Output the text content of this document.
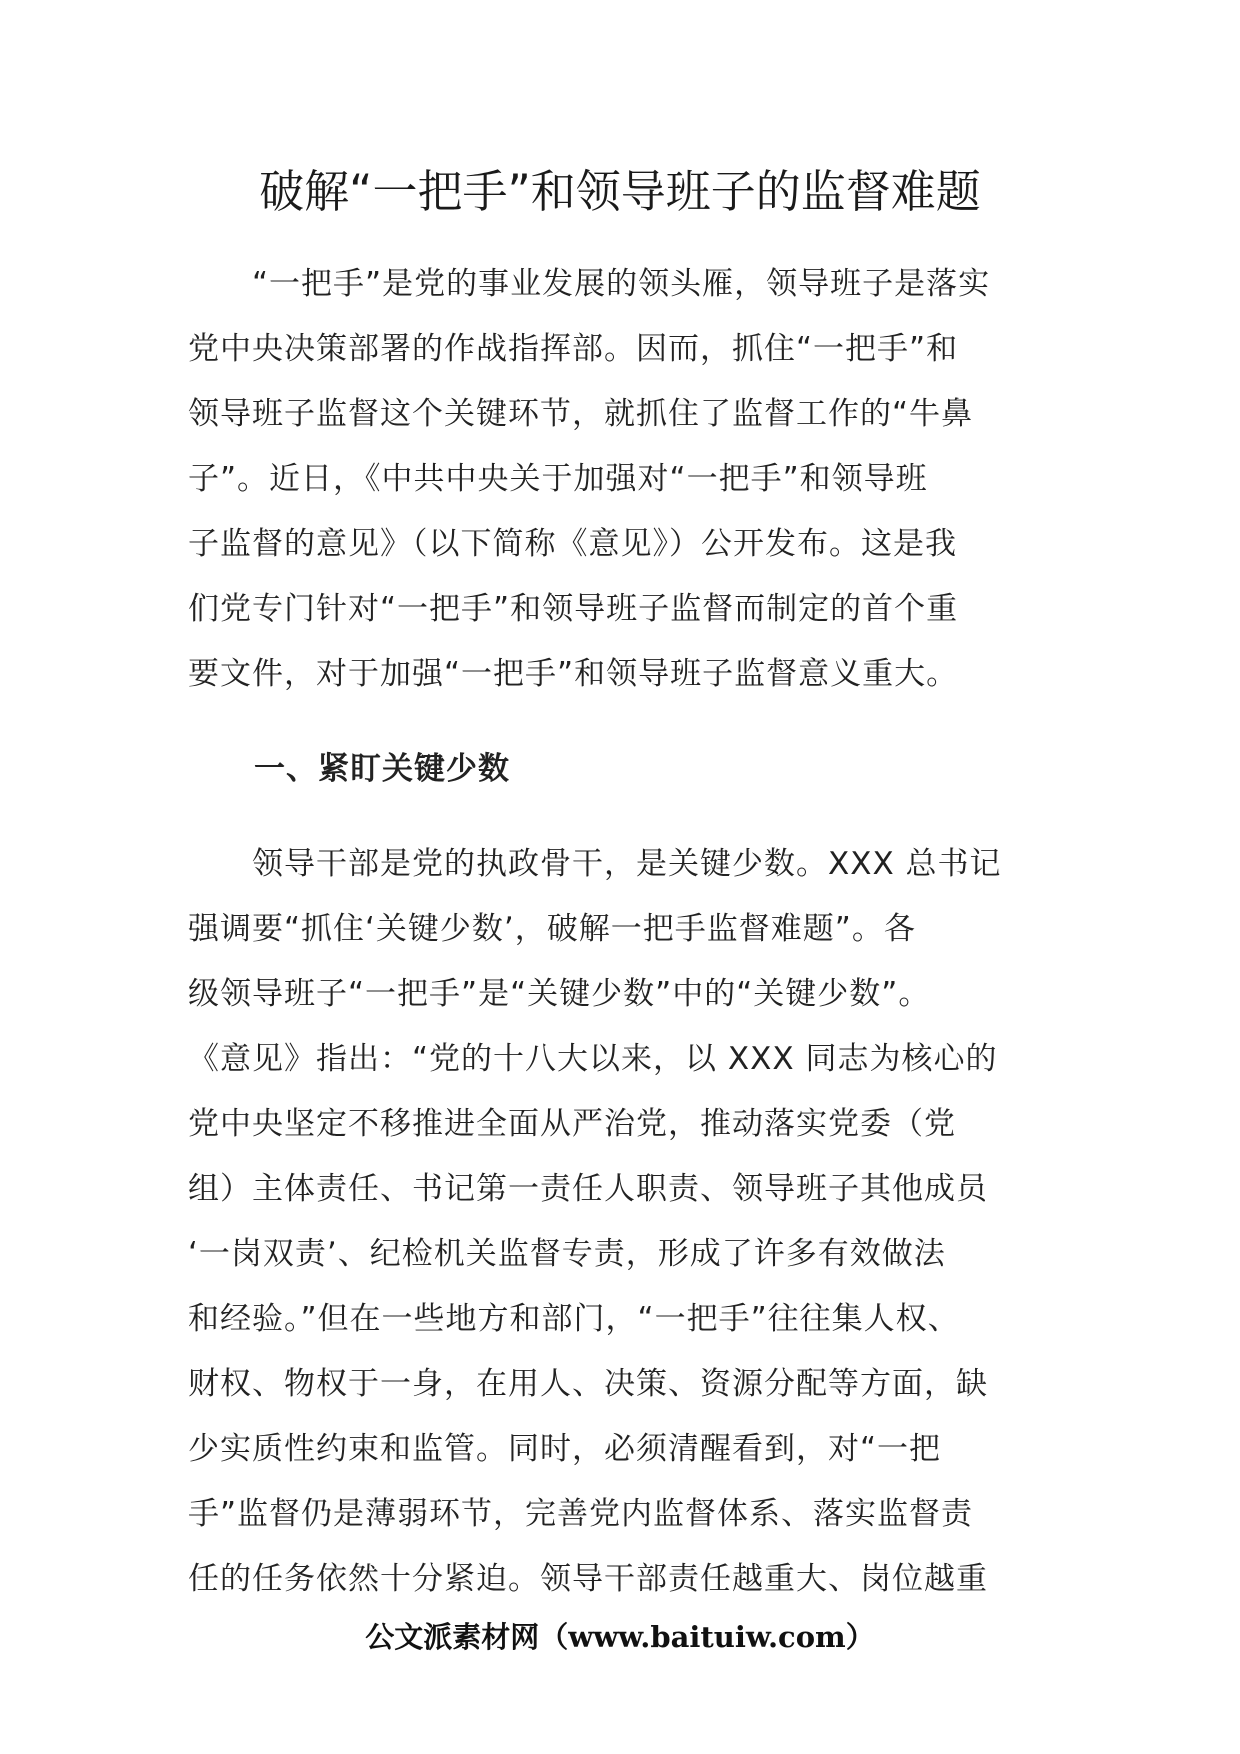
破解“一把手”和领导班子的监督难题
　　“一把手”是党的事业发展的领头雁，领导班子是落实
党中央决策部署的作战指挥部。因而，抓住“一把手”和
领导班子监督这个关键环节，就抓住了监督工作的“牛鼻
子”。近日，《中共中央关于加强对“一把手”和领导班
子监督的意见》（以下简称《意见》）公开发布。这是我
们党专门针对“一把手”和领导班子监督而制定的首个重
要文件，对于加强“一把手”和领导班子监督意义重大。
一、紧盯关键少数
　　领导干部是党的执政骨干，是关键少数。XXX 总书记
强调要“抓住‘关键少数’，破解一把手监督难题”。各
级领导班子“一把手”是“关键少数”中的“关键少数”。
《意见》指出：“党的十八大以来，以 XXX 同志为核心的
党中央坚定不移推进全面从严治党，推动落实党委（党
组）主体责任、书记第一责任人职责、领导班子其他成员
‘一岗双责’、纪检机关监督专责，形成了许多有效做法
和经验。”但在一些地方和部门，“一把手”往往集人权、
财权、物权于一身，在用人、决策、资源分配等方面，缺
少实质性约束和监管。同时，必须清醒看到，对“一把
手”监督仍是薄弱环节，完善党内监督体系、落实监督责
任的任务依然十分紧迫。领导干部责任越重大、岗位越重
公文派素材网（www.baituiw.com）
